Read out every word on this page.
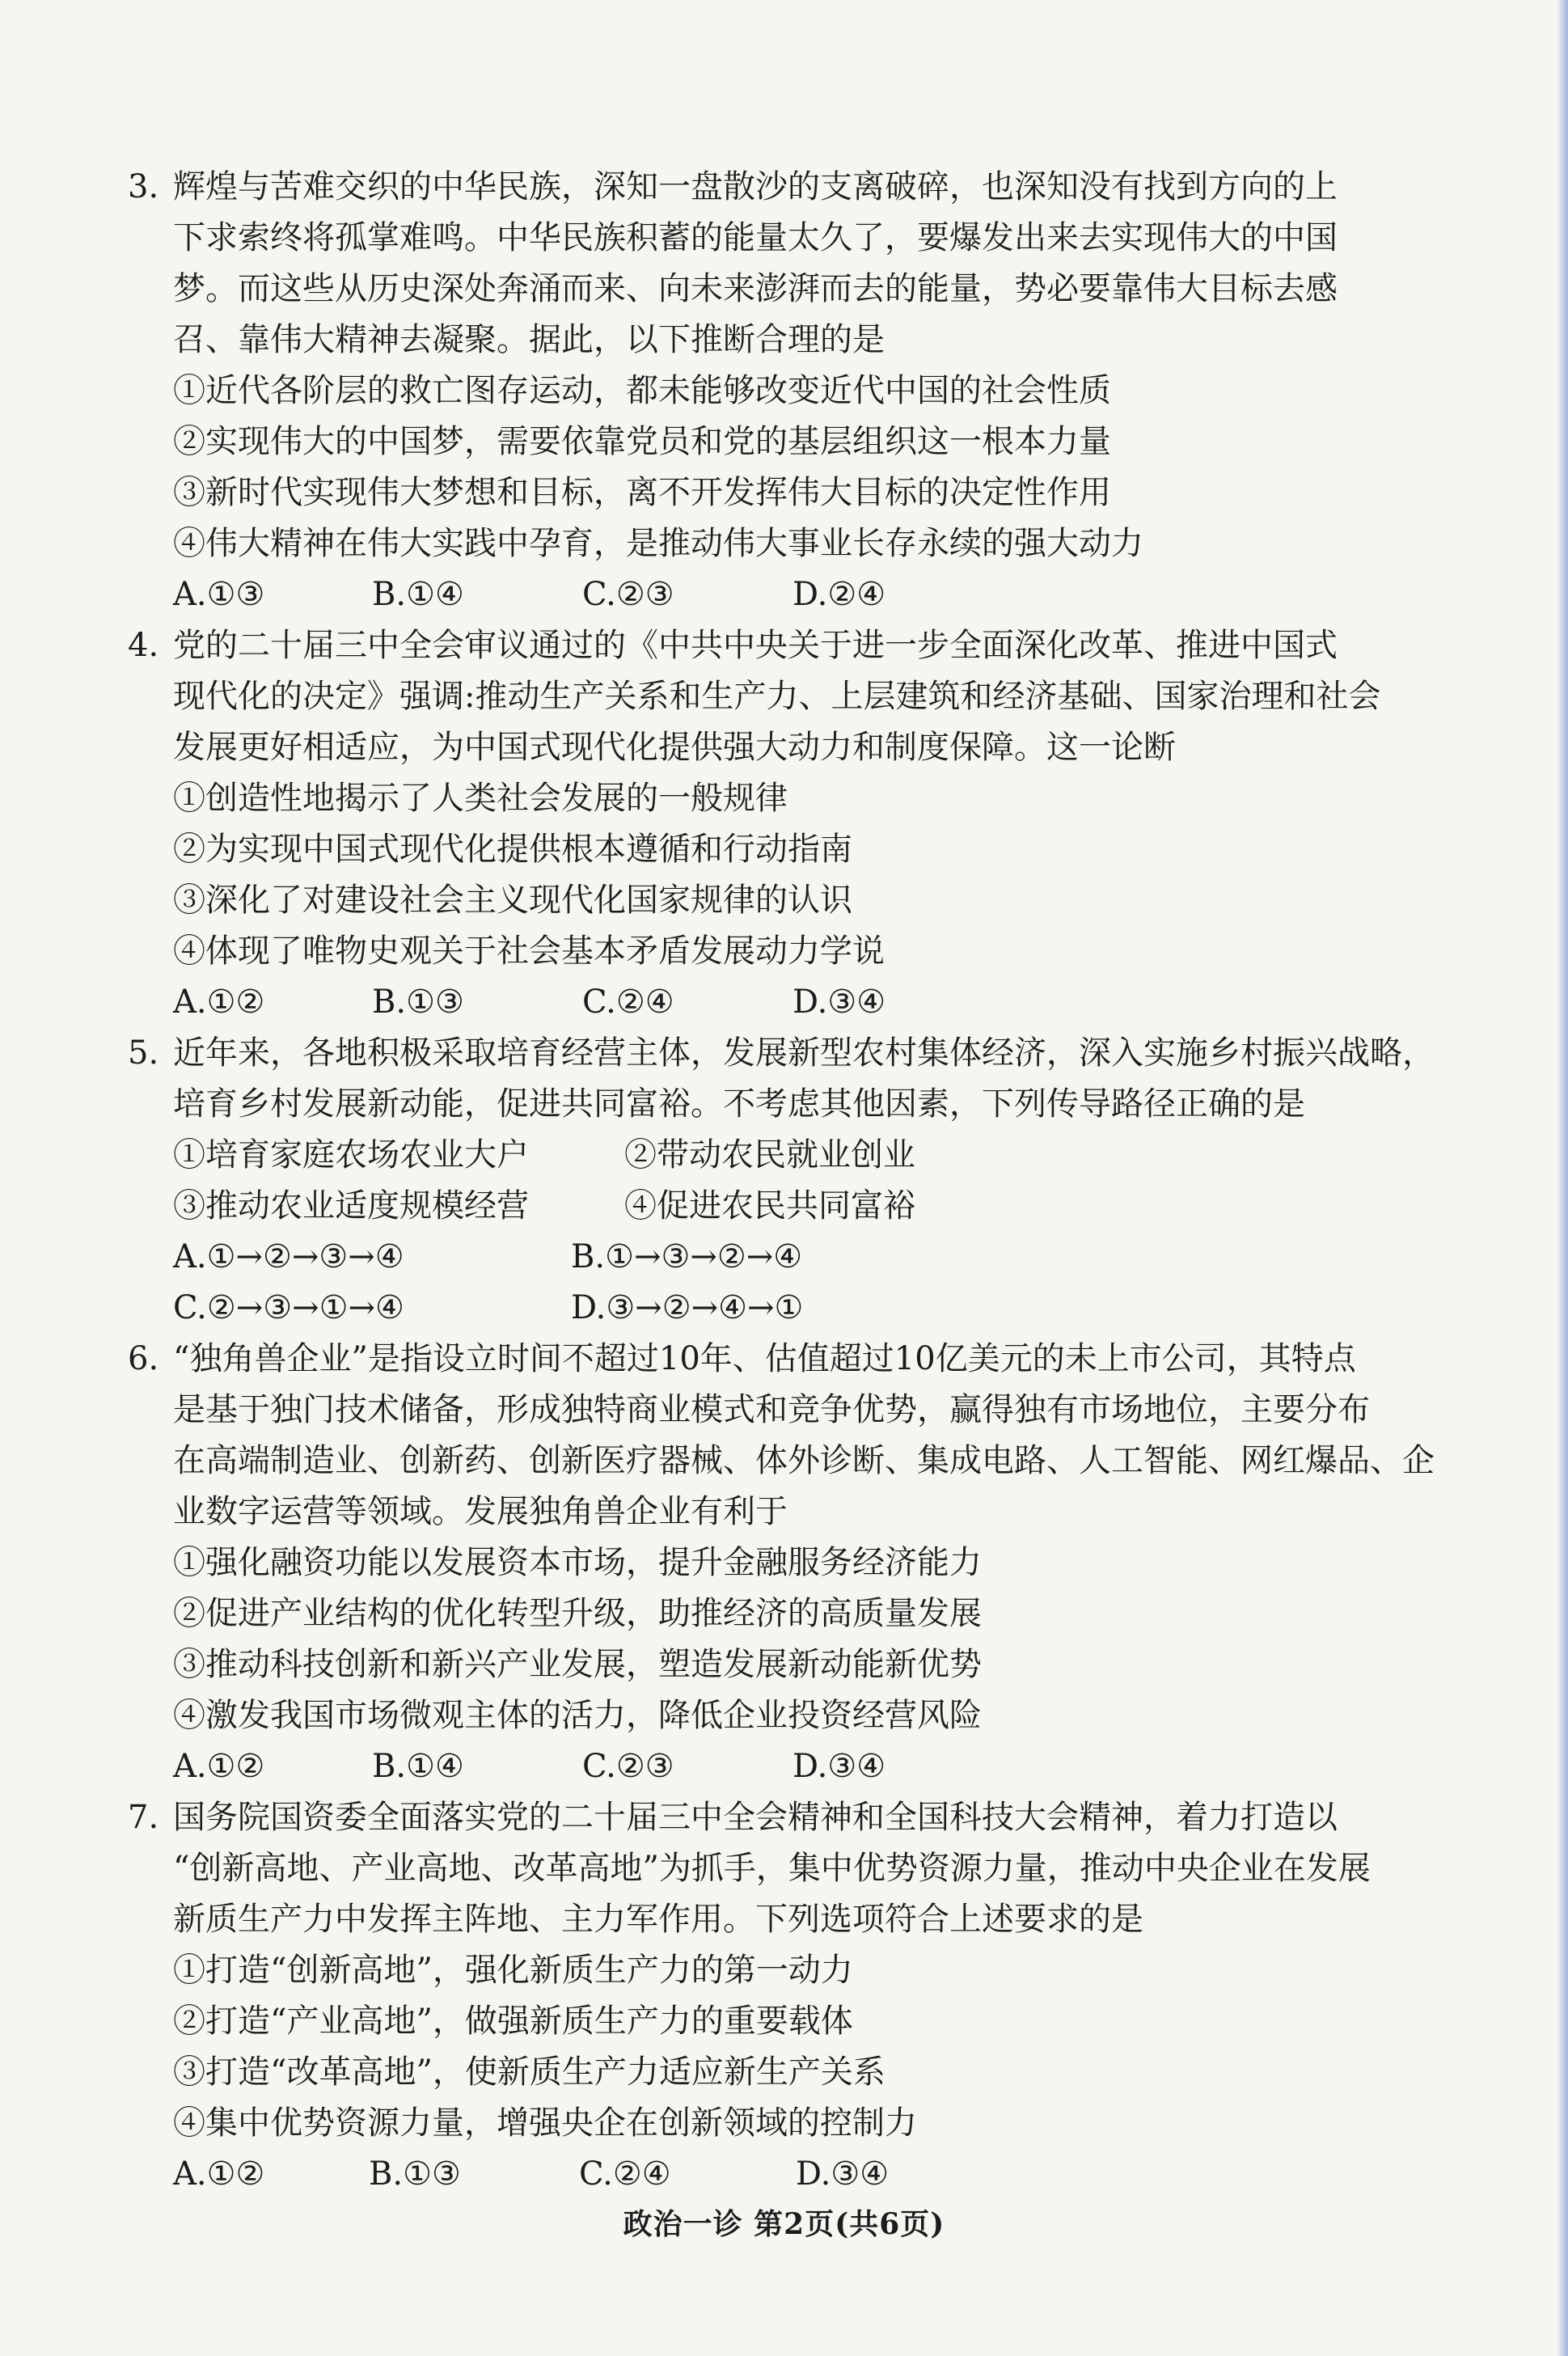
3. 辉煌与苦难交织的中华民族，深知一盘散沙的支离破碎，也深知没有找到方向的上
下求索终将孤掌难鸣。中华民族积蓄的能量太久了，要爆发出来去实现伟大的中国
梦。而这些从历史深处奔涌而来、向未来澎湃而去的能量，势必要靠伟大目标去感
召、靠伟大精神去凝聚。据此，以下推断合理的是
①近代各阶层的救亡图存运动，都未能够改变近代中国的社会性质
②实现伟大的中国梦，需要依靠党员和党的基层组织这一根本力量
③新时代实现伟大梦想和目标，离不开发挥伟大目标的决定性作用
④伟大精神在伟大实践中孕育，是推动伟大事业长存永续的强大动力
A.①③	B.①④	C.②③	D.②④
4. 党的二十届三中全会审议通过的《中共中央关于进一步全面深化改革、推进中国式
现代化的决定》强调:推动生产关系和生产力、上层建筑和经济基础、国家治理和社会
发展更好相适应，为中国式现代化提供强大动力和制度保障。这一论断
①创造性地揭示了人类社会发展的一般规律
②为实现中国式现代化提供根本遵循和行动指南
③深化了对建设社会主义现代化国家规律的认识
④体现了唯物史观关于社会基本矛盾发展动力学说
A.①②	B.①③	C.②④	D.③④
5. 近年来，各地积极采取培育经营主体，发展新型农村集体经济，深入实施乡村振兴战略，
培育乡村发展新动能，促进共同富裕。不考虑其他因素，下列传导路径正确的是
①培育家庭农场农业大户	②带动农民就业创业
③推动农业适度规模经营	④促进农民共同富裕
A.①→②→③→④	B.①→③→②→④
C.②→③→①→④	D.③→②→④→①
6. “独角兽企业”是指设立时间不超过10年、估值超过10亿美元的未上市公司，其特点
是基于独门技术储备，形成独特商业模式和竞争优势，赢得独有市场地位，主要分布
在高端制造业、创新药、创新医疗器械、体外诊断、集成电路、人工智能、网红爆品、企
业数字运营等领域。发展独角兽企业有利于
①强化融资功能以发展资本市场，提升金融服务经济能力
②促进产业结构的优化转型升级，助推经济的高质量发展
③推动科技创新和新兴产业发展，塑造发展新动能新优势
④激发我国市场微观主体的活力，降低企业投资经营风险
A.①②	B.①④	C.②③	D.③④
7. 国务院国资委全面落实党的二十届三中全会精神和全国科技大会精神，着力打造以
“创新高地、产业高地、改革高地”为抓手，集中优势资源力量，推动中央企业在发展
新质生产力中发挥主阵地、主力军作用。下列选项符合上述要求的是
①打造“创新高地”，强化新质生产力的第一动力
②打造“产业高地”，做强新质生产力的重要载体
③打造“改革高地”，使新质生产力适应新生产关系
④集中优势资源力量，增强央企在创新领域的控制力
A.①②	B.①③	C.②④	D.③④
政治一诊 第2页(共6页)
